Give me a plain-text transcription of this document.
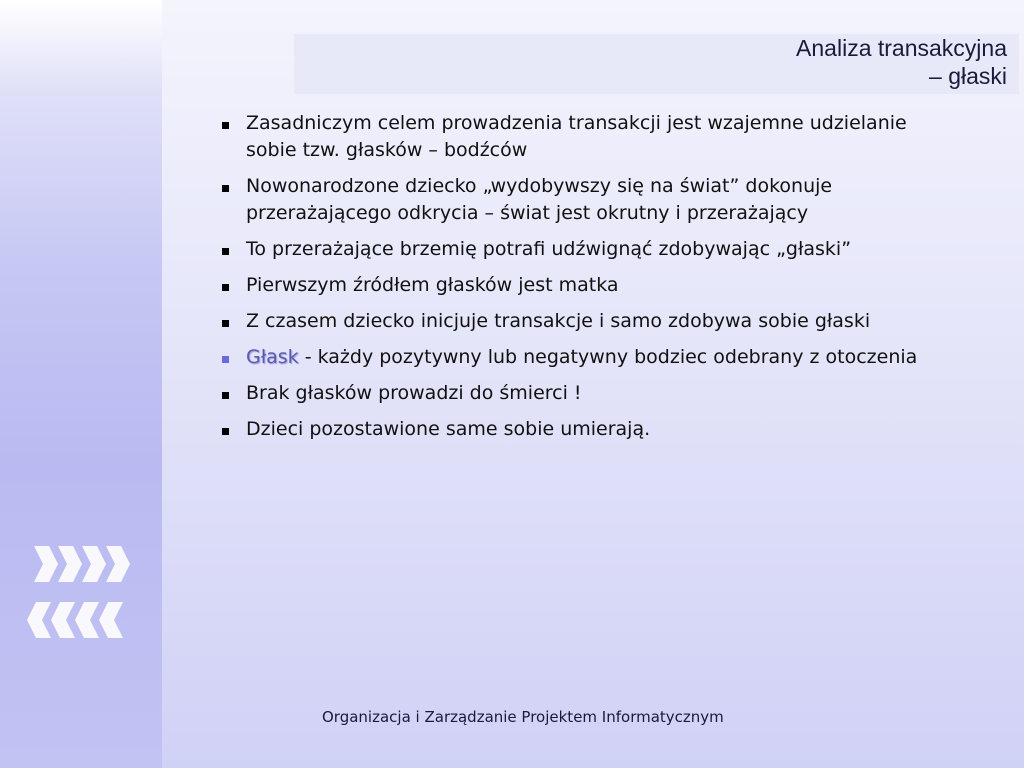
Analiza transakcyjna
– głaski
Zasadniczym celem prowadzenia transakcji jest wzajemne udzielanie sobie tzw. głasków – bodźców
Nowonarodzone dziecko „wydobywszy się na świat” dokonuje przerażającego odkrycia – świat jest okrutny i przerażający
To przerażające brzemię potrafi udźwignąć zdobywając „głaski”
Pierwszym źródłem głasków jest matka
Z czasem dziecko inicjuje transakcje i samo zdobywa sobie głaski
Głask - każdy pozytywny lub negatywny bodziec odebrany z otoczenia
Brak głasków prowadzi do śmierci !
Dzieci pozostawione same sobie umierają.
Organizacja i Zarządzanie Projektem Informatycznym
